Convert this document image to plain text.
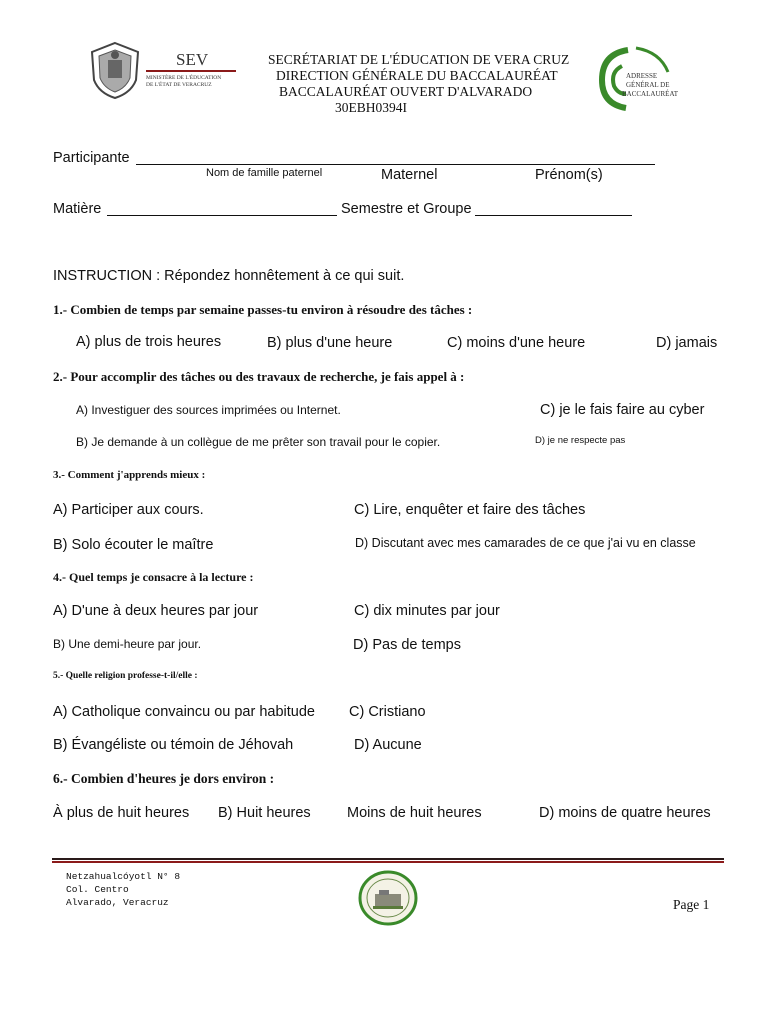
SEV
MINISTÈRE DE L'ÉDUCATION
DE L'ÉTAT DE VERACRUZ
SECRÉTARIAT DE L'ÉDUCATION DE VERA CRUZ
DIRECTION GÉNÉRALE DU BACCALAURÉAT
BACCALAURÉAT OUVERT D'ALVARADO
30EBH0394I
ADRESSE
GÉNÉRAL DE
BACCALAURÉAT
Participante
Nom de famille paternel	Maternel	Prénom(s)
Matière	Semestre et Groupe
INSTRUCTION : Répondez honnêtement à ce qui suit.
1.- Combien de temps par semaine passes-tu environ à résoudre des tâches :
A) plus de trois heures	B) plus d'une heure	C) moins d'une heure	D) jamais
2.- Pour accomplir des tâches ou des travaux de recherche, je fais appel à :
A) Investiguer des sources imprimées ou Internet.	C) je le fais faire au cyber
B) Je demande à un collègue de me prêter son travail pour le copier.	D) je ne respecte pas
3.- Comment j'apprends mieux :
A) Participer aux cours.	C) Lire, enquêter et faire des tâches
B) Solo écouter le maître	D) Discutant avec mes camarades de ce que j'ai vu en classe
4.- Quel temps je consacre à la lecture :
A) D'une à deux heures par jour	C) dix minutes par jour
B) Une demi-heure par jour.	D) Pas de temps
5.- Quelle religion professe-t-il/elle :
A) Catholique convaincu ou par habitude C) Cristiano
B) Évangéliste ou témoin de Jéhovah	D) Aucune
6.- Combien d'heures je dors environ :
À plus de huit heures B) Huit heures	Moins de huit heures	D) moins de quatre heures
Netzahualcóyotl N° 8
Col. Centro
Alvarado, Veracruz	Page 1
